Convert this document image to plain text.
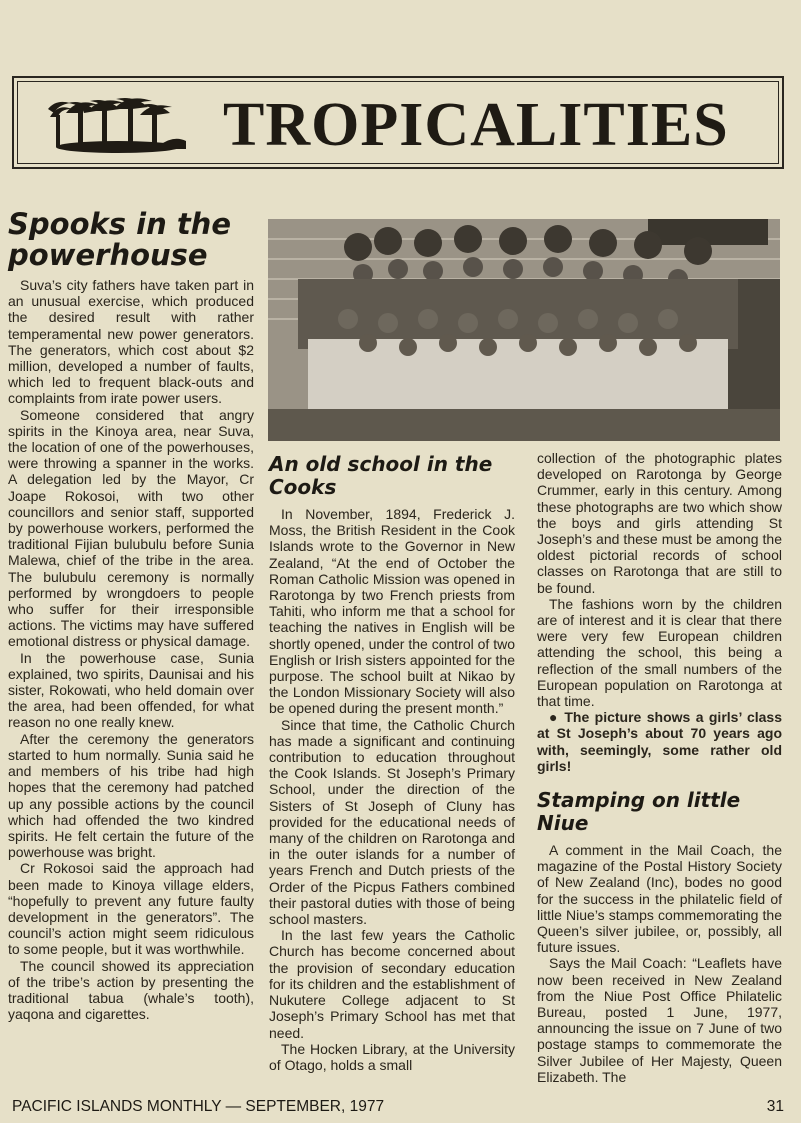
TROPICALITIES
Spooks in the powerhouse

Suva’s city fathers have taken part in an unusual exercise, which produced the desired result with rather temperamental new power generators. The generators, which cost about $2 million, developed a number of faults, which led to frequent black-outs and complaints from irate power users.

Someone considered that angry spirits in the Kinoya area, near Suva, the location of one of the powerhouses, were throwing a spanner in the works. A delegation led by the Mayor, Cr Joape Rokosoi, with two other councillors and senior staff, supported by powerhouse workers, performed the traditional Fijian bulubulu before Sunia Malewa, chief of the tribe in the area. The bulubulu ceremony is normally performed by wrongdoers to people who suffer for their irresponsible actions. The victims may have suffered emotional distress or physical damage.

In the powerhouse case, Sunia explained, two spirits, Daunisai and his sister, Rokowati, who held domain over the area, had been offended, for what reason no one really knew.

After the ceremony the generators started to hum normally. Sunia said he and members of his tribe had high hopes that the ceremony had patched up any possible actions by the council which had offended the two kindred spirits. He felt certain the future of the powerhouse was bright.

Cr Rokosoi said the approach had been made to Kinoya village elders, “hopefully to prevent any future faulty development in the generators”. The council’s action might seem ridiculous to some people, but it was worthwhile.

The council showed its appreciation of the tribe’s action by presenting the traditional tabua (whale’s tooth), yaqona and cigarettes.

An old school in the Cooks

In November, 1894, Frederick J. Moss, the British Resident in the Cook Islands wrote to the Governor in New Zealand, “At the end of October the Roman Catholic Mission was opened in Rarotonga by two French priests from Tahiti, who inform me that a school for teaching the natives in English will be shortly opened, under the control of two English or Irish sisters appointed for the purpose. The school built at Nikao by the London Missionary Society will also be opened during the present month.”

Since that time, the Catholic Church has made a significant and continuing contribution to education throughout the Cook Islands. St Joseph’s Primary School, under the direction of the Sisters of St Joseph of Cluny has provided for the educational needs of many of the children on Rarotonga and in the outer islands for a number of years French and Dutch priests of the Order of the Picpus Fathers combined their pastoral duties with those of being school masters.

In the last few years the Catholic Church has become concerned about the provision of secondary education for its children and the establishment of Nukutere College adjacent to St Joseph’s Primary School has met that need.

The Hocken Library, at the University of Otago, holds a small

collection of the photographic plates developed on Rarotonga by George Crummer, early in this century. Among these photographs are two which show the boys and girls attending St Joseph’s and these must be among the oldest pictorial records of school classes on Rarotonga that are still to be found.

The fashions worn by the children are of interest and it is clear that there were very few European children attending the school, this being a reflection of the small numbers of the European population on Rarotonga at that time.

● The picture shows a girls’ class at St Joseph’s about 70 years ago with, seemingly, some rather old girls!

Stamping on little Niue

A comment in the Mail Coach, the magazine of the Postal History Society of New Zealand (Inc), bodes no good for the success in the philatelic field of little Niue’s stamps commemorating the Queen’s silver jubilee, or, possibly, all future issues.

Says the Mail Coach: “Leaflets have now been received in New Zealand from the Niue Post Office Philatelic Bureau, posted 1 June, 1977, announcing the issue on 7 June of two postage stamps to commemorate the Silver Jubilee of Her Majesty, Queen Elizabeth. The

PACIFIC ISLANDS MONTHLY — SEPTEMBER, 1977	31
